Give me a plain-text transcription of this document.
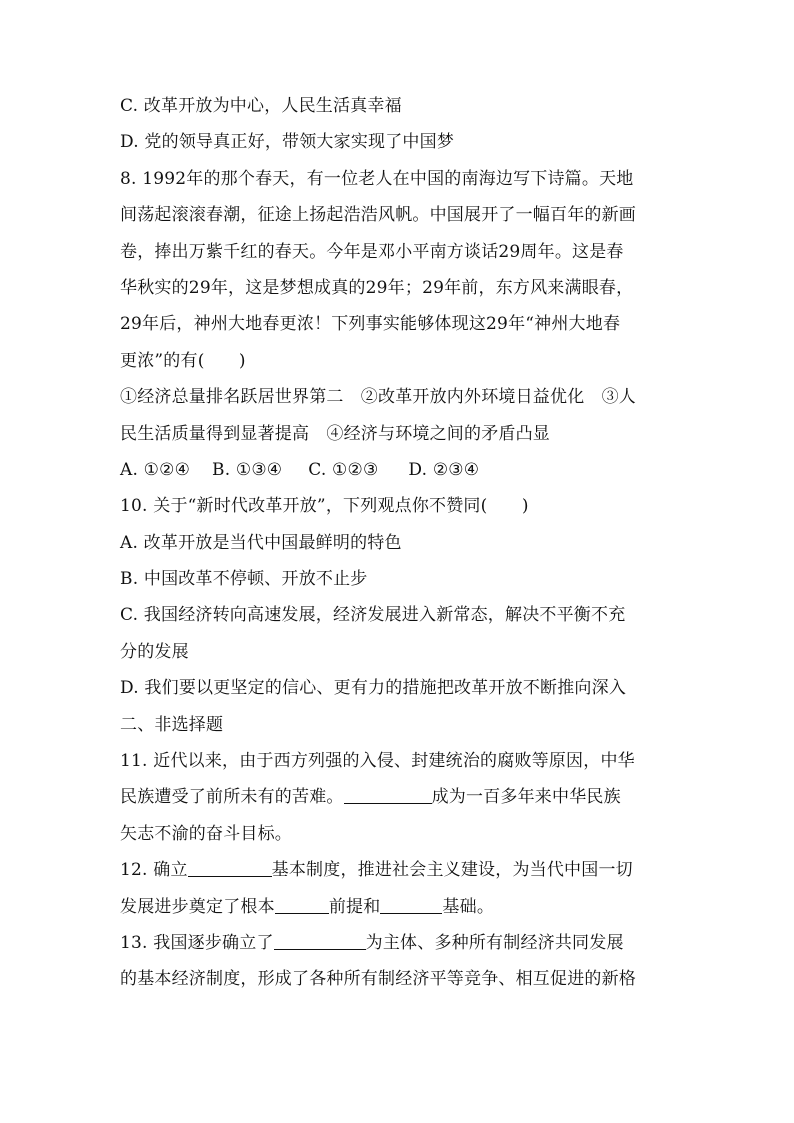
C. 改革开放为中心，人民生活真幸福
D. 党的领导真正好，带领大家实现了中国梦
8. 1992年的那个春天，有一位老人在中国的南海边写下诗篇。天地
间荡起滚滚春潮，征途上扬起浩浩风帆。中国展开了一幅百年的新画
卷，捧出万紫千红的春天。今年是邓小平南方谈话29周年。这是春
华秋实的29年，这是梦想成真的29年；29年前，东方风来满眼春，
29年后，神州大地春更浓！下列事实能够体现这29年“神州大地春
更浓”的有(　　)
①经济总量排名跃居世界第二　②改革开放内外环境日益优化　③人
民生活质量得到显著提高　④经济与环境之间的矛盾凸显
A. ①②④ B. ①③④ C. ①②③ D. ②③④
10. 关于“新时代改革开放”，下列观点你不赞同(　　)
A. 改革开放是当代中国最鲜明的特色
B. 中国改革不停顿、开放不止步
C. 我国经济转向高速发展，经济发展进入新常态，解决不平衡不充
分的发展
D. 我们要以更坚定的信心、更有力的措施把改革开放不断推向深入
二、非选择题
11. 近代以来，由于西方列强的入侵、封建统治的腐败等原因，中华
民族遭受了前所未有的苦难。	成为一百多年来中华民族
矢志不渝的奋斗目标。
12. 确立	基本制度，推进社会主义建设，为当代中国一切
发展进步奠定了根本	前提和	基础。
13. 我国逐步确立了	为主体、多种所有制经济共同发展
的基本经济制度，形成了各种所有制经济平等竞争、相互促进的新格
